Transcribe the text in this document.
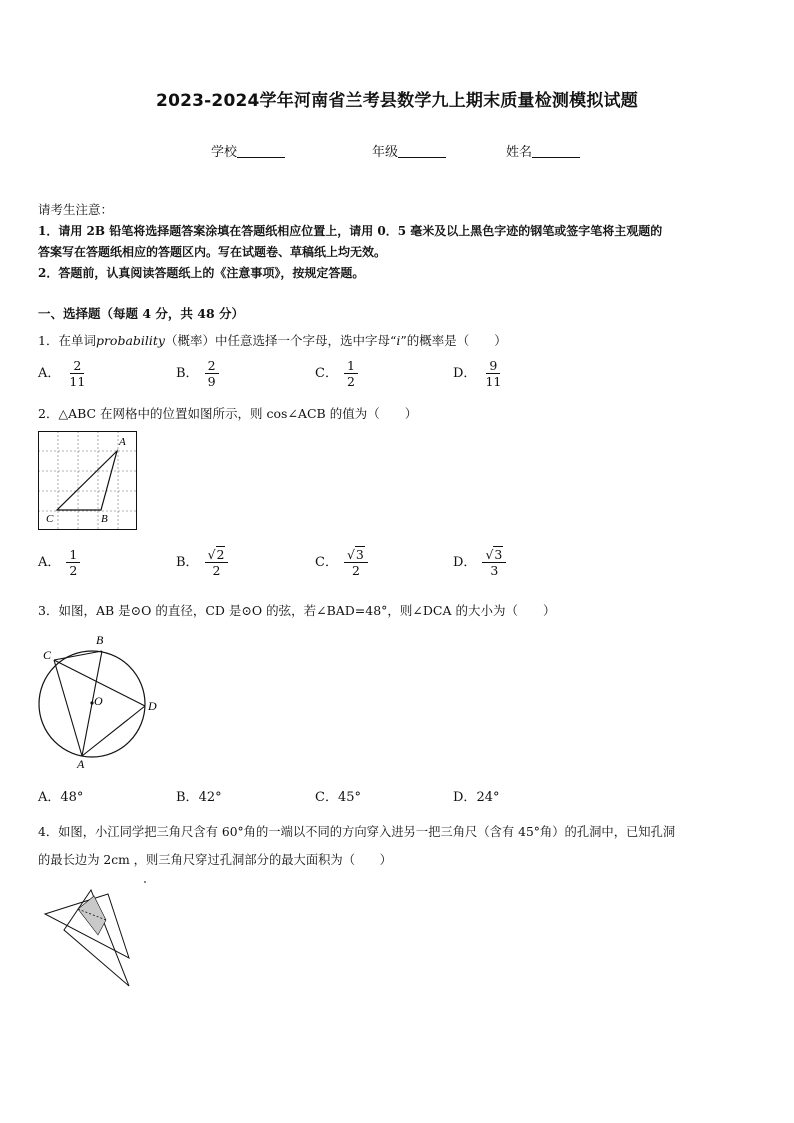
2023-2024学年河南省兰考县数学九上期末质量检测模拟试题
学校	年级	姓名
请考生注意：
1．请用 2B 铅笔将选择题答案涂填在答题纸相应位置上，请用 0．5 毫米及以上黑色字迹的钢笔或签字笔将主观题的
答案写在答题纸相应的答题区内。写在试题卷、草稿纸上均无效。
2．答题前，认真阅读答题纸上的《注意事项》，按规定答题。
一、选择题（每题 4 分，共 48 分）
1．在单词probability（概率）中任意选择一个字母，选中字母“i”的概率是（　　）
A． $\frac{2}{11}$	B． $\frac{2}{9}$	C． $\frac{1}{2}$	D． $\frac{9}{11}$
2．△ABC 在网格中的位置如图所示，则 cos∠ACB 的值为（　　）
A
C	B
A． $\frac{1}{2}$	B． $\frac{√2}{2}$	C． $\frac{√3}{2}$	D． $\frac{√3}{3}$
3．如图，AB 是⊙O 的直径，CD 是⊙O 的弦，若∠BAD=48°，则∠DCA 的大小为（　　）
B
C
O	D
A
A．48°	B．42°	C．45°	D．24°
4．如图，小江同学把三角尺含有 60°角的一端以不同的方向穿入进另一把三角尺（含有 45°角）的孔洞中，已知孔洞
的最长边为 2cm ，则三角尺穿过孔洞部分的最大面积为（　　）
